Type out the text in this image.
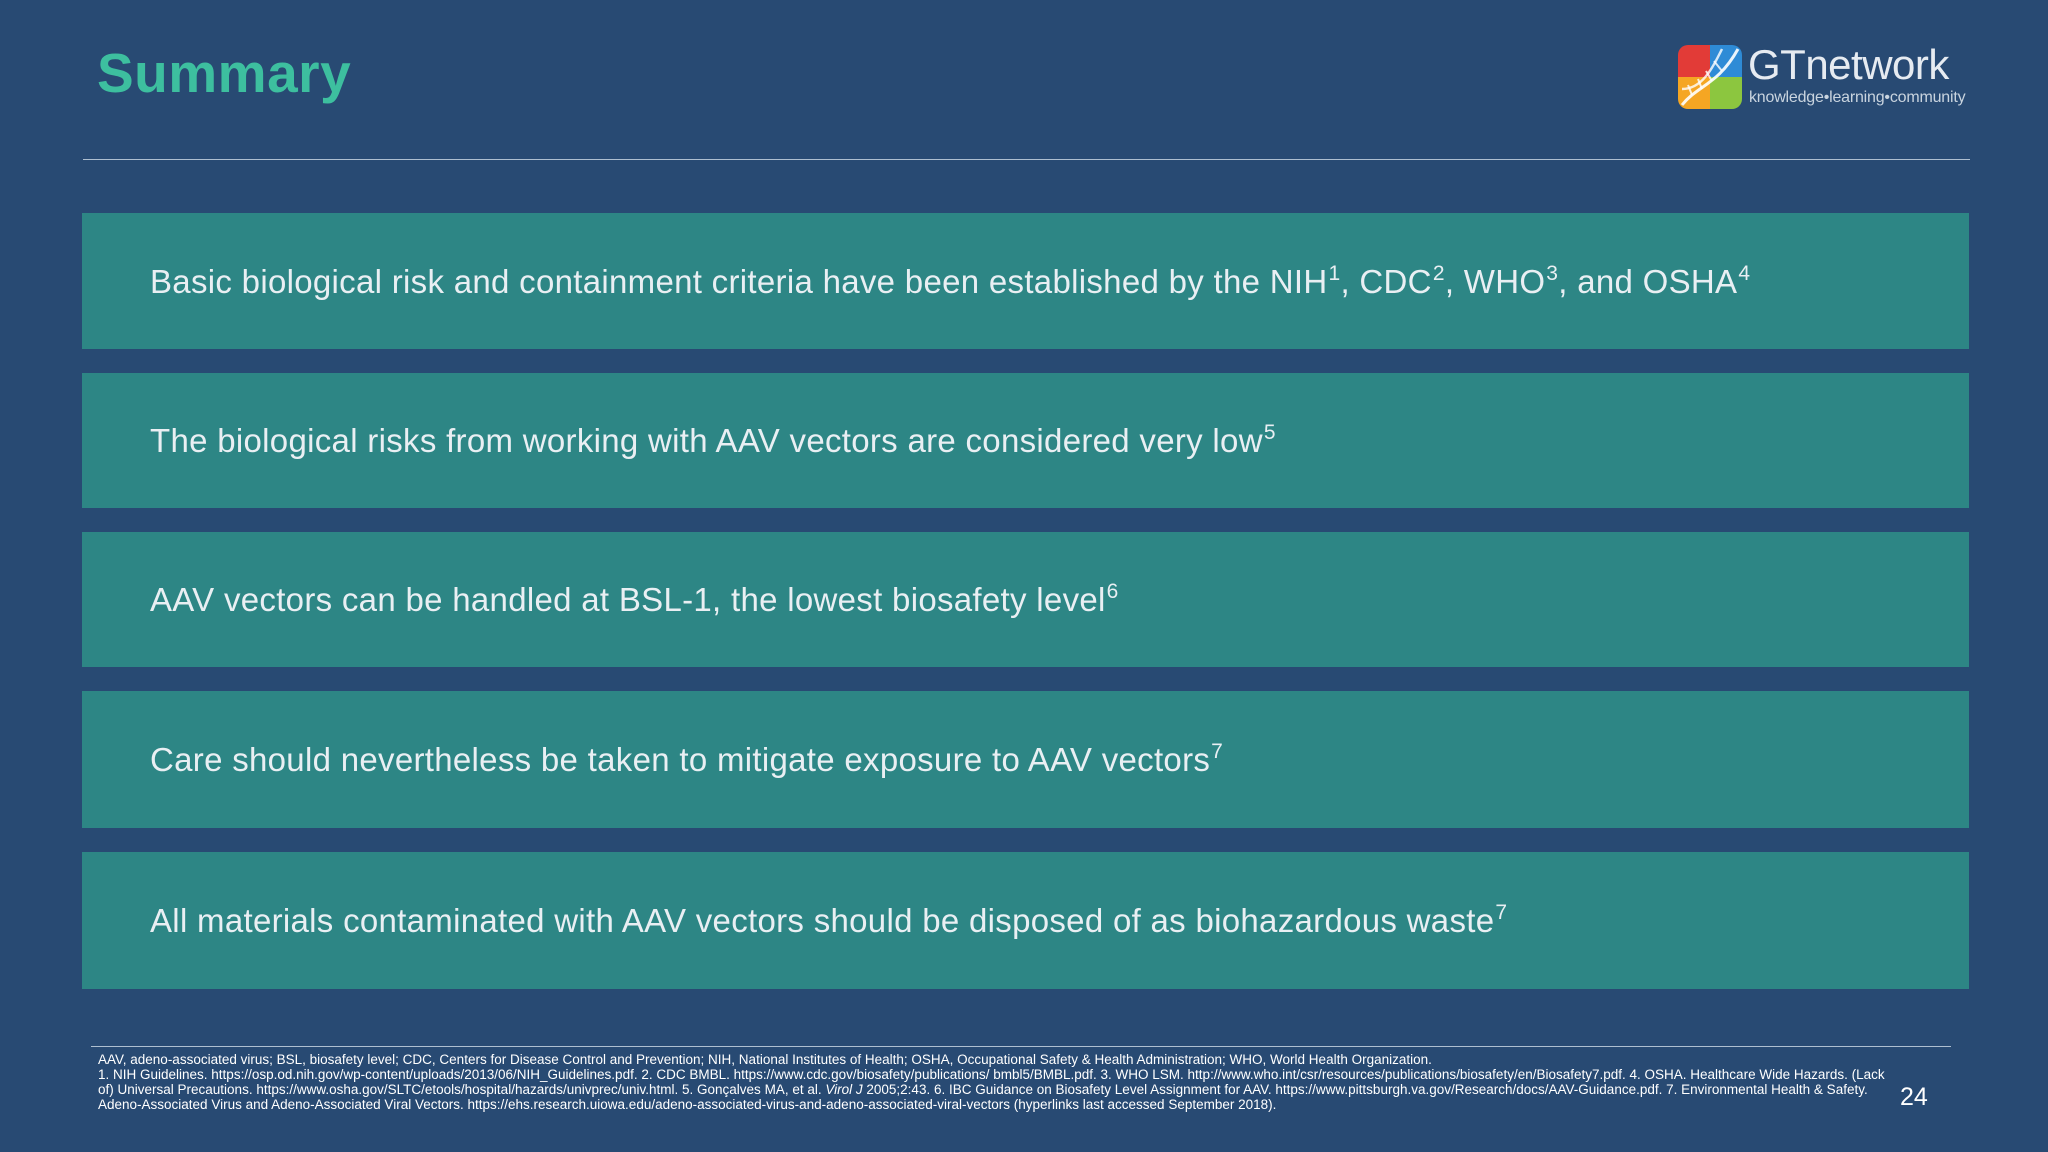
Summary	GTnetwork
knowledge•learning•community
Basic biological risk and containment criteria have been established by the NIH$^1$, CDC$^2$, WHO$^3$, and OSHA$^4$
The biological risks from working with AAV vectors are considered very low$^5$
AAV vectors can be handled at BSL-1, the lowest biosafety level$^6$
Care should nevertheless be taken to mitigate exposure to AAV vectors$^7$
All materials contaminated with AAV vectors should be disposed of as biohazardous waste$^7$

AAV, adeno-associated virus; BSL, biosafety level; CDC, Centers for Disease Control and Prevention; NIH, National Institutes of Health; OSHA, Occupational Safety & Health Administration; WHO, World Health Organization.

1. NIH Guidelines. https://osp.od.nih.gov/wp-content/uploads/2013/06/NIH_Guidelines.pdf. 2. CDC BMBL. https://www.cdc.gov/biosafety/publications/ bmbl5/BMBL.pdf. 3. WHO LSM. http://www.who.int/csr/resources/publications/biosafety/en/Biosafety7.pdf. 4. OSHA. Healthcare Wide Hazards. (Lack of) Universal Precautions. https://www.osha.gov/SLTC/etools/hospital/hazards/univprec/univ.html. 5. Gonçalves MA, et al. Virol J 2005;2:43. 6. IBC Guidance on Biosafety Level Assignment for AAV. https://www.pittsburgh.va.gov/Research/docs/AAV-Guidance.pdf. 7. Environmental Health & Safety. Adeno-Associated Virus and Adeno-Associated Viral Vectors. https://ehs.research.uiowa.edu/adeno-associated-virus-and-adeno-associated-viral-vectors (hyperlinks last accessed September 2018).	24
